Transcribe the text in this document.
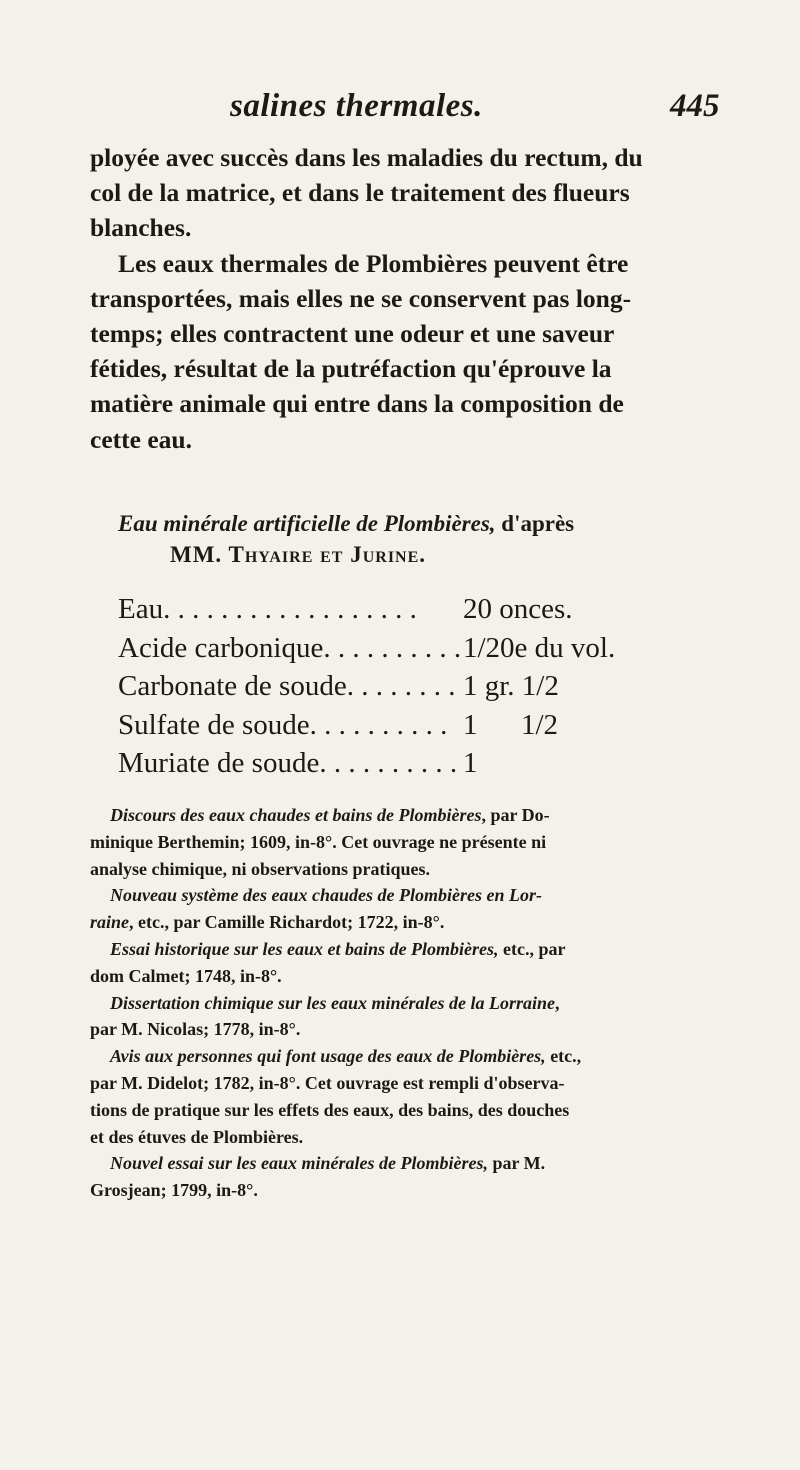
salines thermales.	445

ployée avec succès dans les maladies du rectum, du
col de la matrice, et dans le traitement des flueurs
blanches.

Les eaux thermales de Plombières peuvent être
transportées, mais elles ne se conservent pas long-
temps; elles contractent une odeur et une saveur
fétides, résultat de la putréfaction qu'éprouve la
matière animale qui entre dans la composition de
cette eau.

Eau minérale artificielle de Plombières, d'après
MM. Thyaire et Jurine.
Eau. . . . . . . . . . . . . . . . . . 20 onces.
Acide carbonique. . . . . . . . . . 1/20e du vol.
Carbonate de soude. . . . . . . . 1 gr. 1/2
Sulfate de soude. . . . . . . . . . 1      1/2
Muriate de soude. . . . . . . . . . 1
Discours des eaux chaudes et bains de Plombières, par Do-
minique Berthemin; 1609, in-8°. Cet ouvrage ne présente ni
analyse chimique, ni observations pratiques.
Nouveau système des eaux chaudes de Plombières en Lor-
raine, etc., par Camille Richardot; 1722, in-8°.
Essai historique sur les eaux et bains de Plombières, etc., par
dom Calmet; 1748, in-8°.
Dissertation chimique sur les eaux minérales de la Lorraine,
par M. Nicolas; 1778, in-8°.
Avis aux personnes qui font usage des eaux de Plombières, etc.,
par M. Didelot; 1782, in-8°. Cet ouvrage est rempli d'observa-
tions de pratique sur les effets des eaux, des bains, des douches
et des étuves de Plombières.
Nouvel essai sur les eaux minérales de Plombières, par M.
Grosjean; 1799, in-8°.
